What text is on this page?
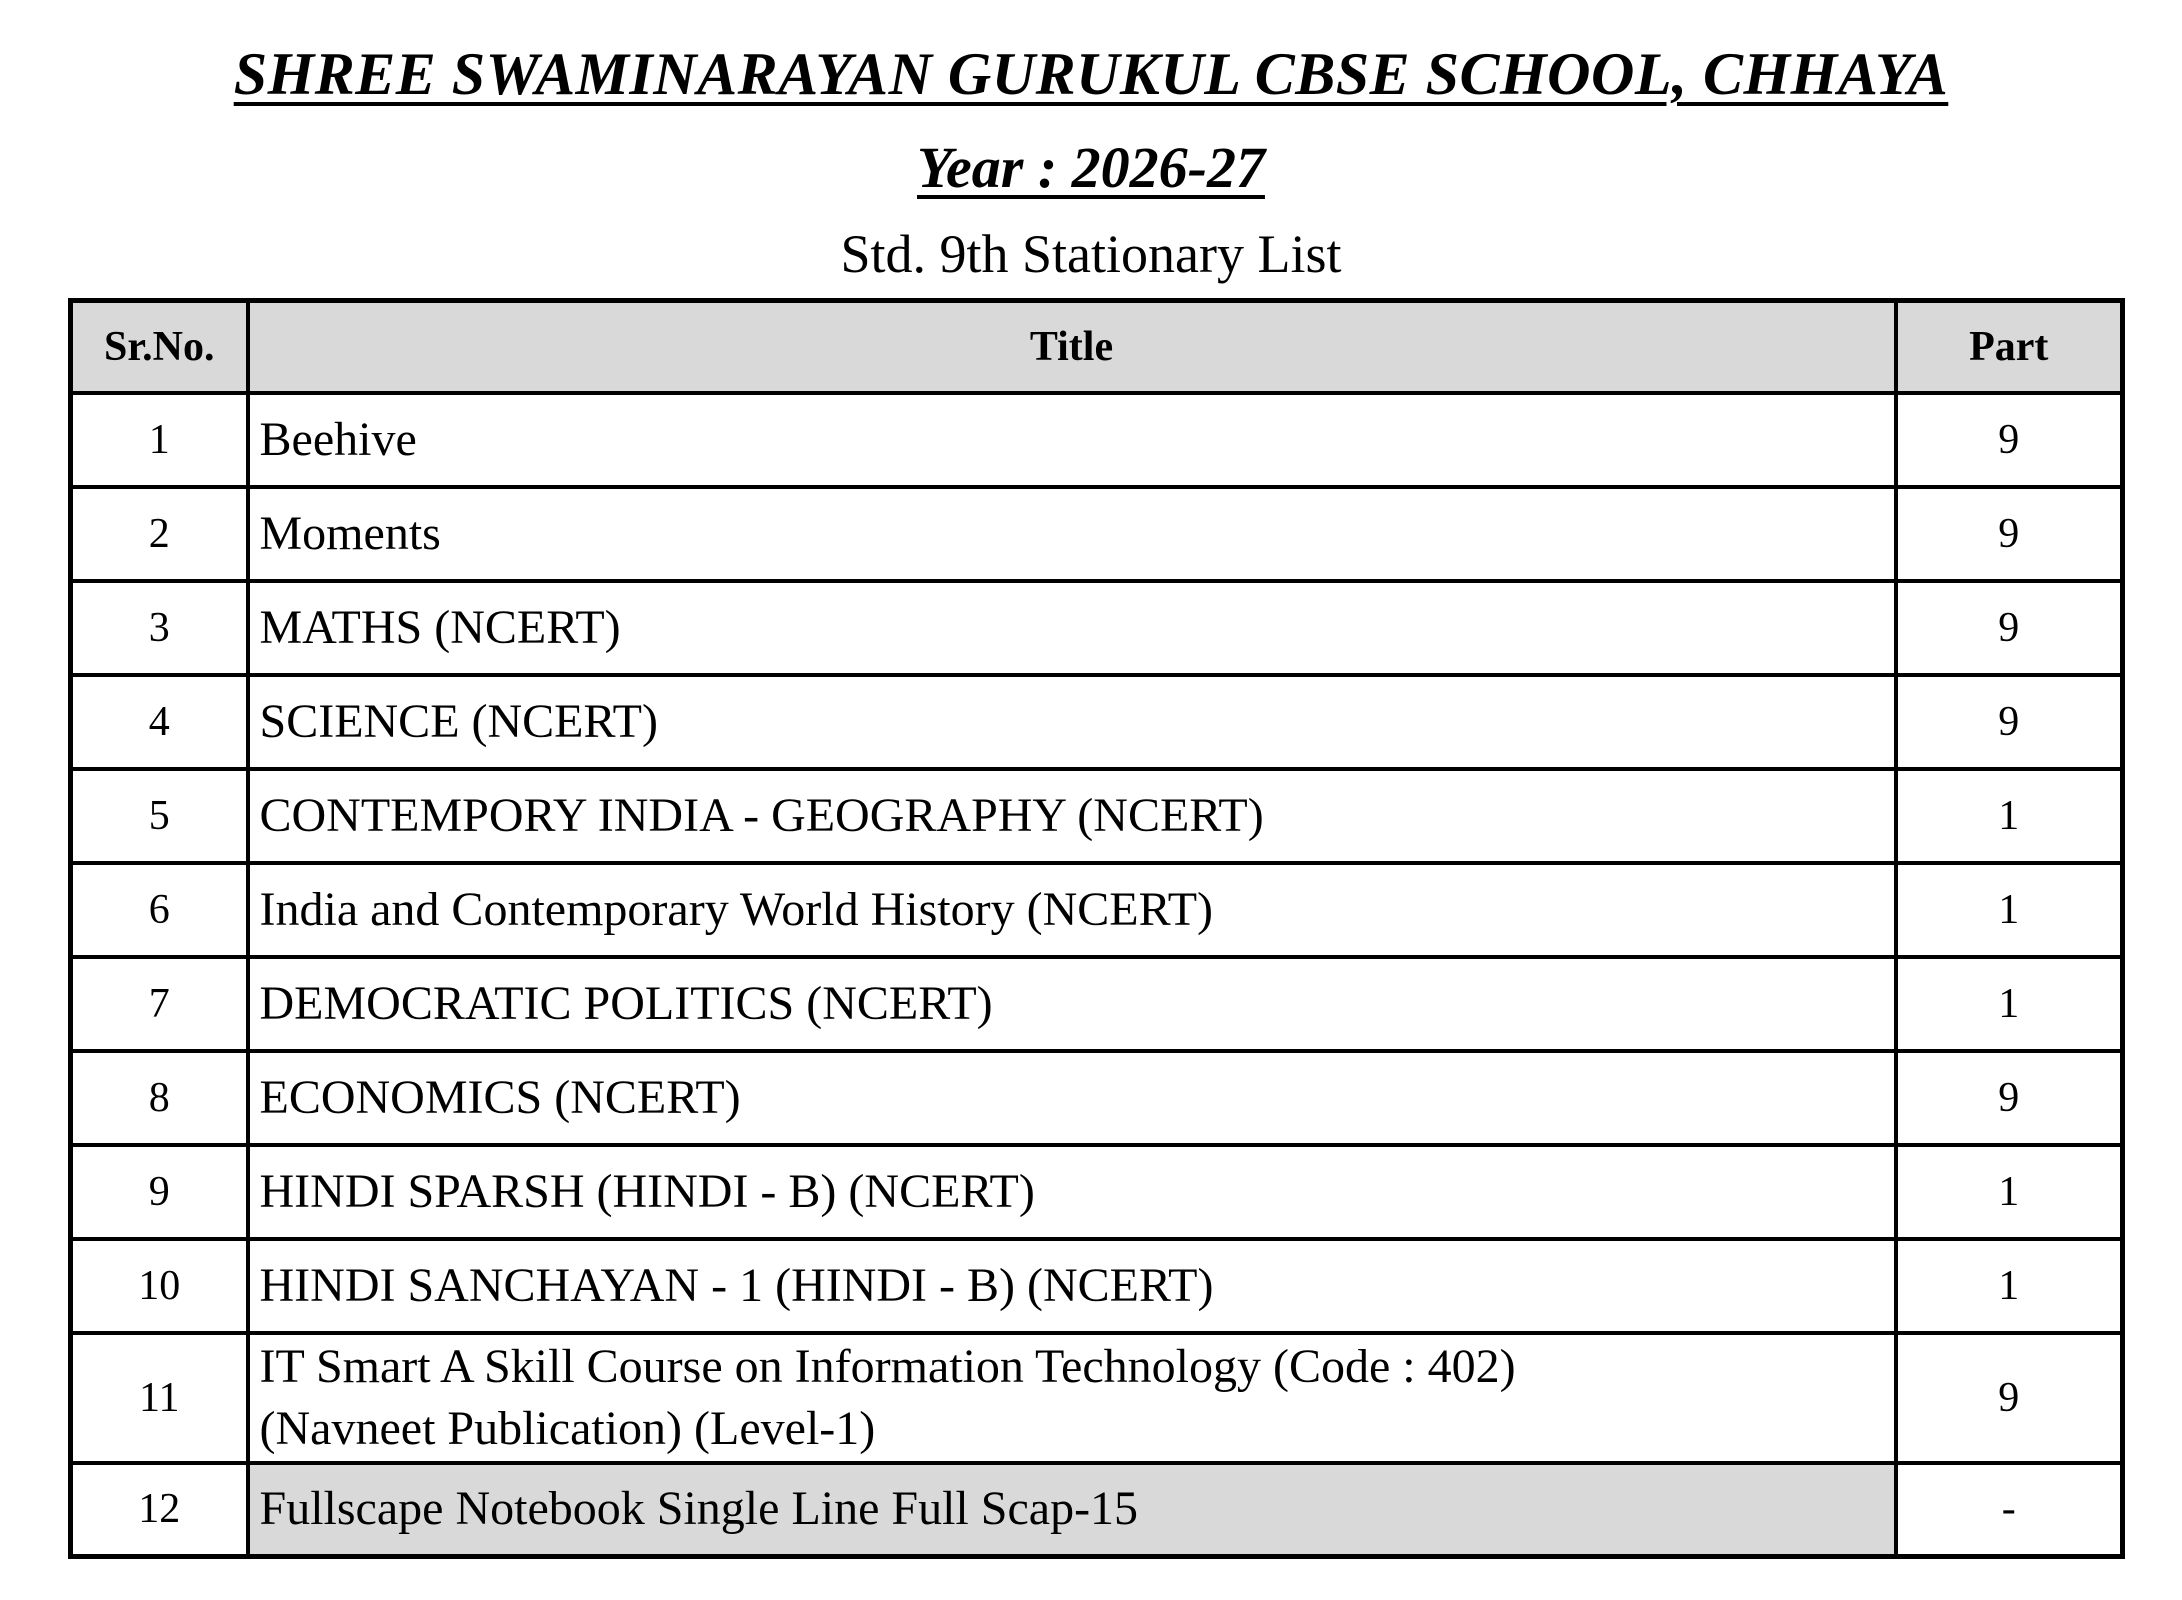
SHREE SWAMINARAYAN GURUKUL CBSE SCHOOL, CHHAYA
Year : 2026-27
Std. 9th Stationary List
Sr.No.	Title	Part
1	Beehive	9
2	Moments	9
3	MATHS (NCERT)	9
4	SCIENCE (NCERT)	9
5	CONTEMPORY INDIA - GEOGRAPHY (NCERT)	1
6	India and Contemporary World History (NCERT)	1
7	DEMOCRATIC POLITICS (NCERT)	1
8	ECONOMICS (NCERT)	9
9	HINDI SPARSH (HINDI - B) (NCERT)	1
10	HINDI SANCHAYAN - 1 (HINDI - B) (NCERT)	1
11	IT Smart A Skill Course on Information Technology (Code : 402)
(Navneet Publication) (Level-1)	9
12	Fullscape Notebook Single Line Full Scap-15	-
